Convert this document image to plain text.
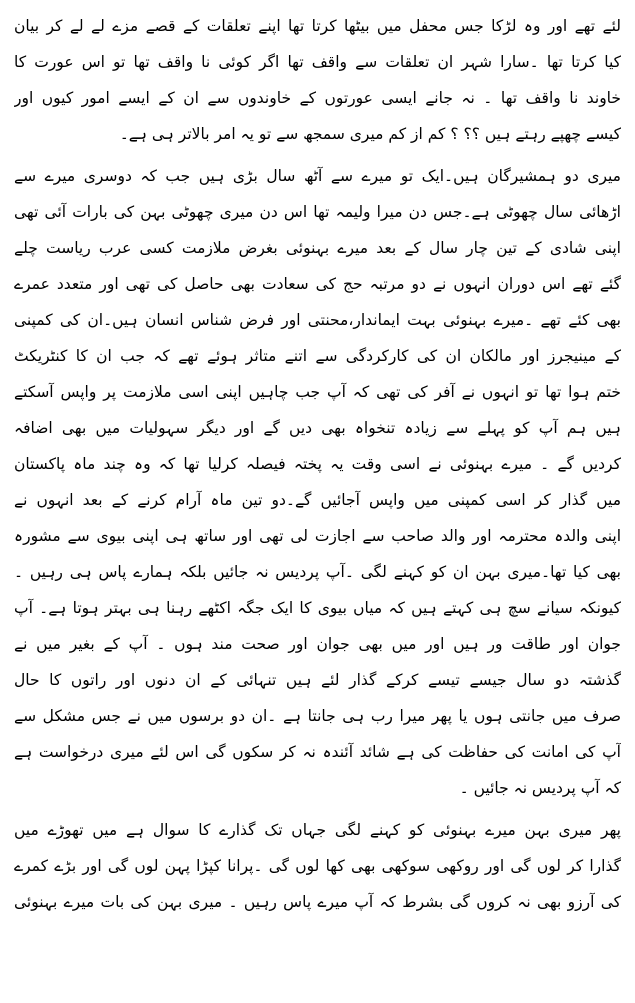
لئے تھے اور وہ لڑکا جس محفل میں بیٹھا کرتا تھا اپنے تعلقات کے قصے مزے لے لے کر بیان
کیا کرتا تھا ۔سارا شہر ان تعلقات سے واقف تھا اگر کوئی نا واقف تھا تو اس عورت کا
خاوند نا واقف تھا ۔ نہ جانے ایسی عورتوں کے خاوندوں سے ان کے ایسے امور کیوں اور
کیسے چھپے رہتے ہیں ؟؟ ؟ کم از کم میری سمجھ سے تو یہ امر بالاتر ہی ہے۔
میری دو ہمشیرگان ہیں۔ایک تو میرے سے آٹھ سال بڑی ہیں جب کہ دوسری میرے سے
اڑھائی سال چھوٹی ہے۔جس دن میرا ولیمہ تھا اس دن میری چھوٹی بہن کی بارات آئی تھی
اپنی شادی کے تین چار سال کے بعد میرے بہنوئی بغرض ملازمت کسی عرب ریاست چلے
گئے تھے اس دوران انہوں نے دو مرتبہ حج کی سعادت بھی حاصل کی تھی اور متعدد عمرے
بھی کئے تھے ۔میرے بہنوئی بہت ایماندار،محنتی اور فرض شناس انسان ہیں۔ان کی کمپنی
کے مینیجرز اور مالکان ان کی کارکردگی سے اتنے متاثر ہوئے تھے کہ جب ان کا کنٹریکٹ
ختم ہوا تھا تو انہوں نے آفر کی تھی کہ آپ جب چاہیں اپنی اسی ملازمت پر واپس آسکتے
ہیں ہم آپ کو پہلے سے زیادہ تنخواہ بھی دیں گے اور دیگر سہولیات میں بھی اضافہ
کردیں گے ۔ میرے بہنوئی نے اسی وقت یہ پختہ فیصلہ کرلیا تھا کہ وہ چند ماہ پاکستان
میں گذار کر اسی کمپنی میں واپس آجائیں گے۔دو تین ماہ آرام کرنے کے بعد انہوں نے
اپنی والدہ محترمہ اور والد صاحب سے اجازت لی تھی اور ساتھ ہی اپنی بیوی سے مشورہ
بھی کیا تھا۔میری بہن ان کو کہنے لگی ۔آپ پردیس نہ جائیں بلکہ ہمارے پاس ہی رہیں ۔
کیونکہ سیانے سچ ہی کہتے ہیں کہ میاں بیوی کا ایک جگہ اکٹھے رہنا ہی بہتر ہوتا ہے۔ آپ
جوان اور طاقت ور ہیں اور میں بھی جوان اور صحت مند ہوں ۔ آپ کے بغیر میں نے
گذشتہ دو سال جیسے تیسے کرکے گذار لئے ہیں تنہائی کے ان دنوں اور راتوں کا حال
صرف میں جانتی ہوں یا پھر میرا رب ہی جانتا ہے ۔ان دو برسوں میں نے جس مشکل سے
آپ کی امانت کی حفاظت کی ہے شائد آئندہ نہ کر سکوں گی اس لئے میری درخواست ہے
کہ آپ پردیس نہ جائیں ۔
پھر میری بہن میرے بہنوئی کو کہنے لگی جہاں تک گذارے کا سوال ہے میں تھوڑے میں
گذارا کر لوں گی اور روکھی سوکھی بھی کھا لوں گی ۔پرانا کپڑا پہن لوں گی اور بڑے کمرے
کی آرزو بھی نہ کروں گی بشرط کہ آپ میرے پاس رہیں ۔ میری بہن کی بات میرے بہنوئی
